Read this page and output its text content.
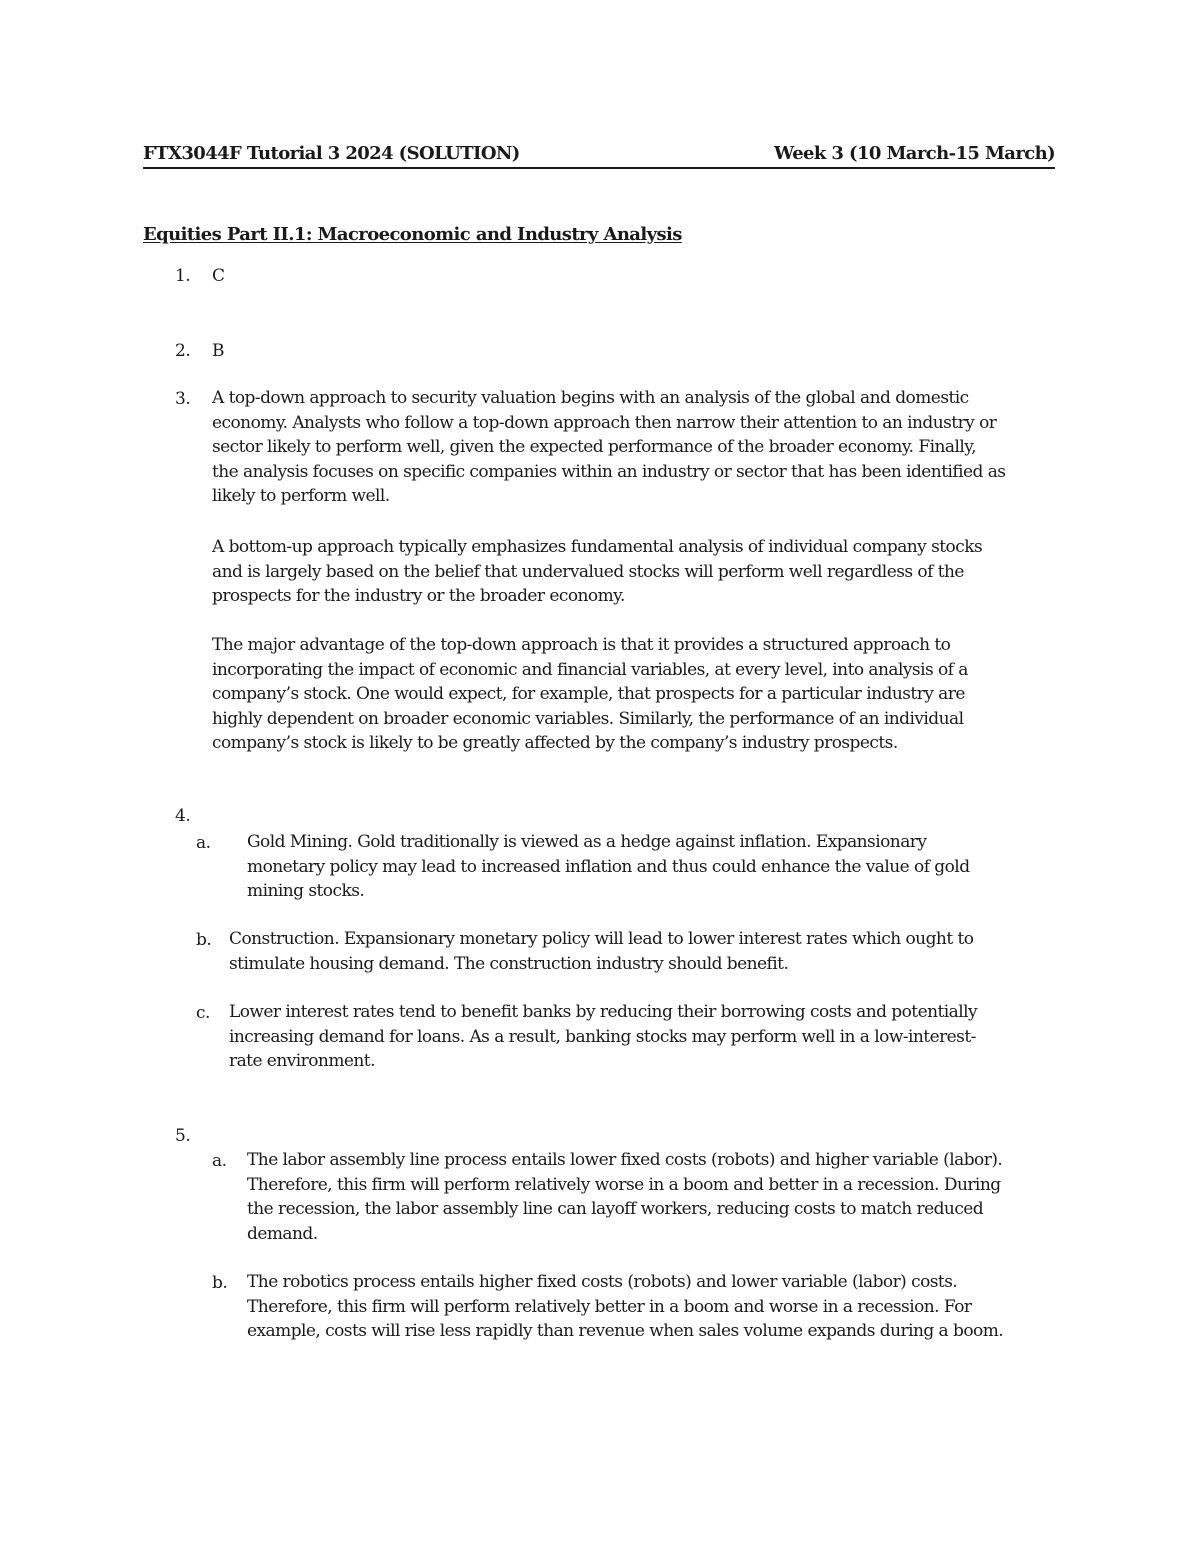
FTX3044F Tutorial 3 2024 (SOLUTION)	Week 3 (10 March-15 March)
Equities Part II.1: Macroeconomic and Industry Analysis
1. C
2. B
3. A top-down approach to security valuation begins with an analysis of the global and domestic
economy. Analysts who follow a top-down approach then narrow their attention to an industry or
sector likely to perform well, given the expected performance of the broader economy. Finally,
the analysis focuses on specific companies within an industry or sector that has been identified as
likely to perform well.
A bottom-up approach typically emphasizes fundamental analysis of individual company stocks
and is largely based on the belief that undervalued stocks will perform well regardless of the
prospects for the industry or the broader economy.
The major advantage of the top-down approach is that it provides a structured approach to
incorporating the impact of economic and financial variables, at every level, into analysis of a
company’s stock. One would expect, for example, that prospects for a particular industry are
highly dependent on broader economic variables. Similarly, the performance of an individual
company’s stock is likely to be greatly affected by the company’s industry prospects.
4.
a. Gold Mining. Gold traditionally is viewed as a hedge against inflation. Expansionary
monetary policy may lead to increased inflation and thus could enhance the value of gold
mining stocks.
b. Construction. Expansionary monetary policy will lead to lower interest rates which ought to
stimulate housing demand. The construction industry should benefit.
c. Lower interest rates tend to benefit banks by reducing their borrowing costs and potentially
increasing demand for loans. As a result, banking stocks may perform well in a low-interest-
rate environment.
5.
a. The labor assembly line process entails lower fixed costs (robots) and higher variable (labor).
Therefore, this firm will perform relatively worse in a boom and better in a recession. During
the recession, the labor assembly line can layoff workers, reducing costs to match reduced
demand.
b. The robotics process entails higher fixed costs (robots) and lower variable (labor) costs.
Therefore, this firm will perform relatively better in a boom and worse in a recession. For
example, costs will rise less rapidly than revenue when sales volume expands during a boom.
